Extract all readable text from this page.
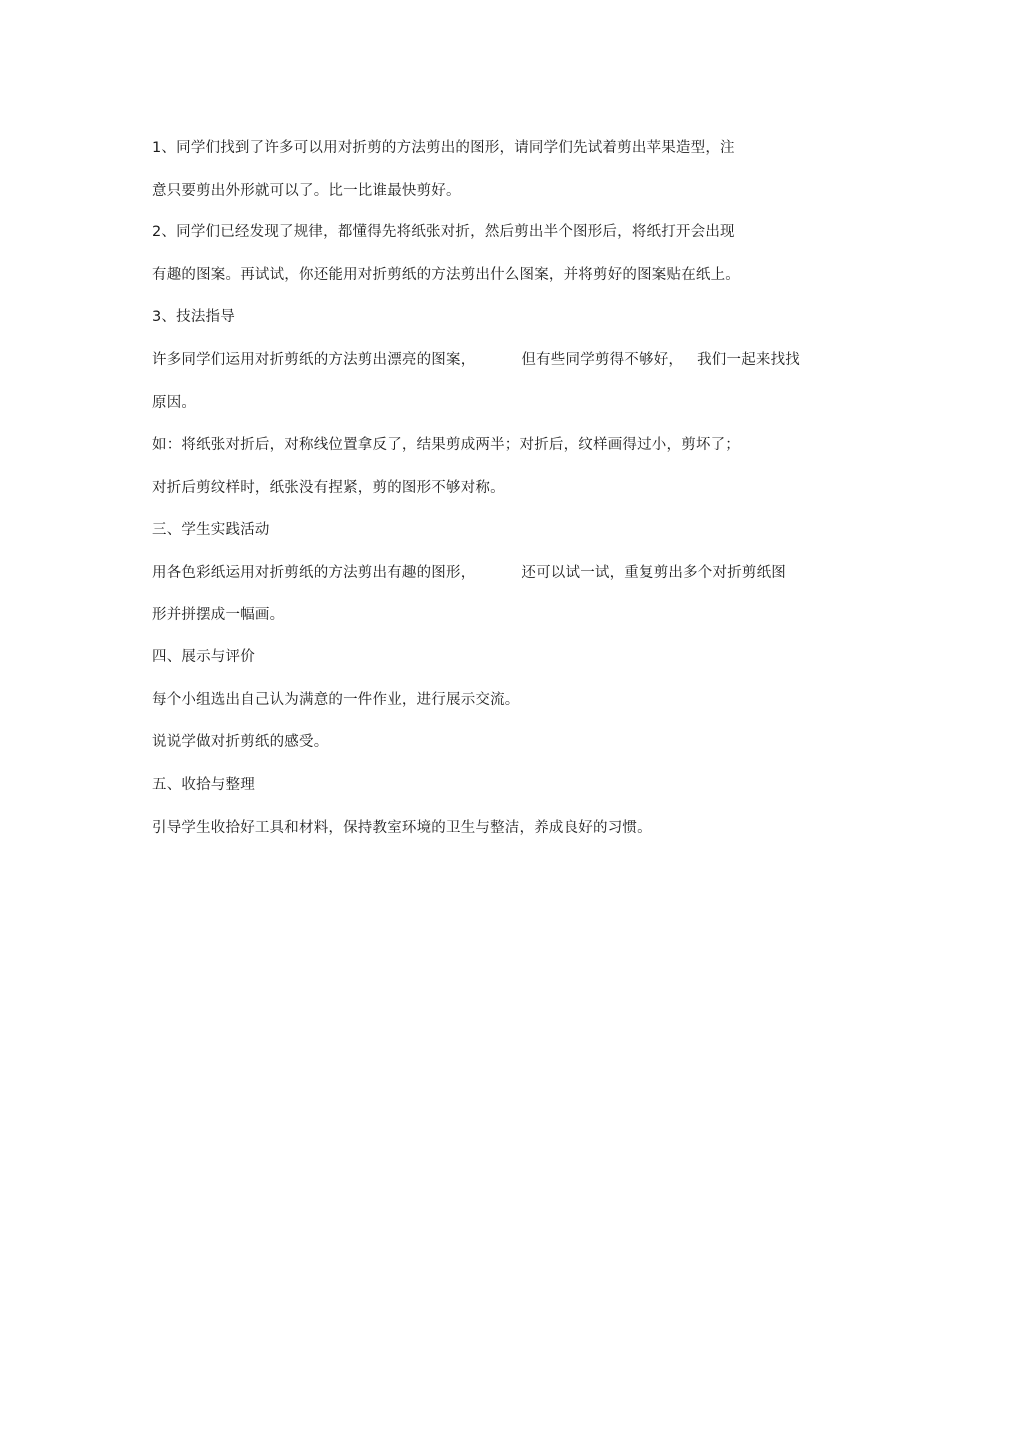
1、同学们找到了许多可以用对折剪的方法剪出的图形，请同学们先试着剪出苹果造型，注

意只要剪出外形就可以了。比一比谁最快剪好。

2、同学们已经发现了规律，都懂得先将纸张对折，然后剪出半个图形后，将纸打开会出现

有趣的图案。再试试，你还能用对折剪纸的方法剪出什么图案，并将剪好的图案贴在纸上。

3、技法指导

许多同学们运用对折剪纸的方法剪出漂亮的图案，	但有些同学剪得不够好， 我们一起来找找

原因。

如：将纸张对折后，对称线位置拿反了，结果剪成两半；对折后，纹样画得过小，剪坏了；

对折后剪纹样时，纸张没有捏紧，剪的图形不够对称。

三、学生实践活动

用各色彩纸运用对折剪纸的方法剪出有趣的图形，	还可以试一试，重复剪出多个对折剪纸图

形并拼摆成一幅画。

四、展示与评价

每个小组选出自己认为满意的一件作业，进行展示交流。

说说学做对折剪纸的感受。

五、收拾与整理

引导学生收拾好工具和材料，保持教室环境的卫生与整洁，养成良好的习惯。
